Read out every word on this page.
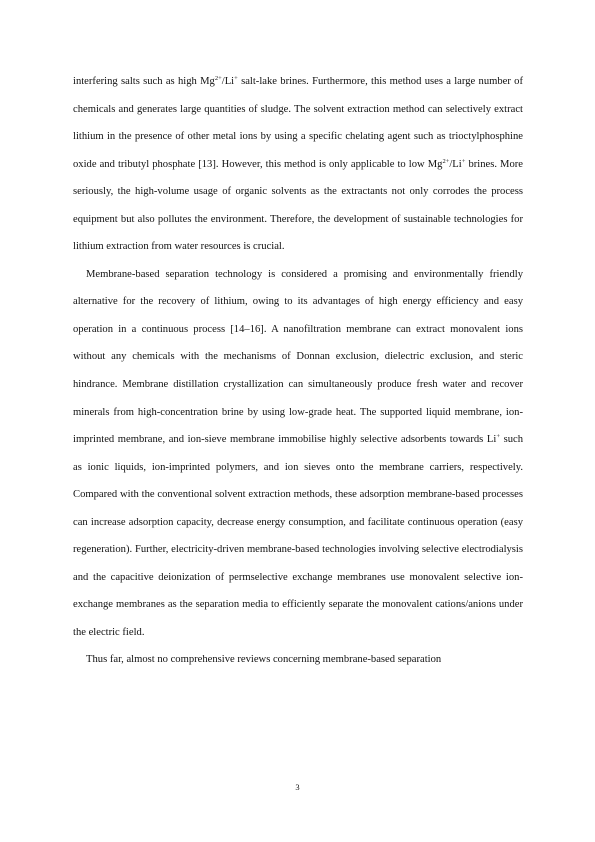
interfering salts such as high $Mg^{2+}/Li^+$ salt-lake brines. Furthermore, this method uses a large number of chemicals and generates large quantities of sludge. The solvent extraction method can selectively extract lithium in the presence of other metal ions by using a specific chelating agent such as trioctylphosphine oxide and tributyl phosphate [13]. However, this method is only applicable to low $Mg^{2+}/Li^+$ brines. More seriously, the high-volume usage of organic solvents as the extractants not only corrodes the process equipment but also pollutes the environment. Therefore, the development of sustainable technologies for lithium extraction from water resources is crucial.

Membrane-based separation technology is considered a promising and environmentally friendly alternative for the recovery of lithium, owing to its advantages of high energy efficiency and easy operation in a continuous process [14–16]. A nanofiltration membrane can extract monovalent ions without any chemicals with the mechanisms of Donnan exclusion, dielectric exclusion, and steric hindrance. Membrane distillation crystallization can simultaneously produce fresh water and recover minerals from high-concentration brine by using low-grade heat. The supported liquid membrane, ion-imprinted membrane, and ion-sieve membrane immobilise highly selective adsorbents towards Li+ such as ionic liquids, ion-imprinted polymers, and ion sieves onto the membrane carriers, respectively. Compared with the conventional solvent extraction methods, these adsorption membrane-based processes can increase adsorption capacity, decrease energy consumption, and facilitate continuous operation (easy regeneration). Further, electricity-driven membrane-based technologies involving selective electrodialysis and the capacitive deionization of permselective exchange membranes use monovalent selective ion-exchange membranes as the separation media to efficiently separate the monovalent cations/anions under the electric field.

Thus far, almost no comprehensive reviews concerning membrane-based separation

3
